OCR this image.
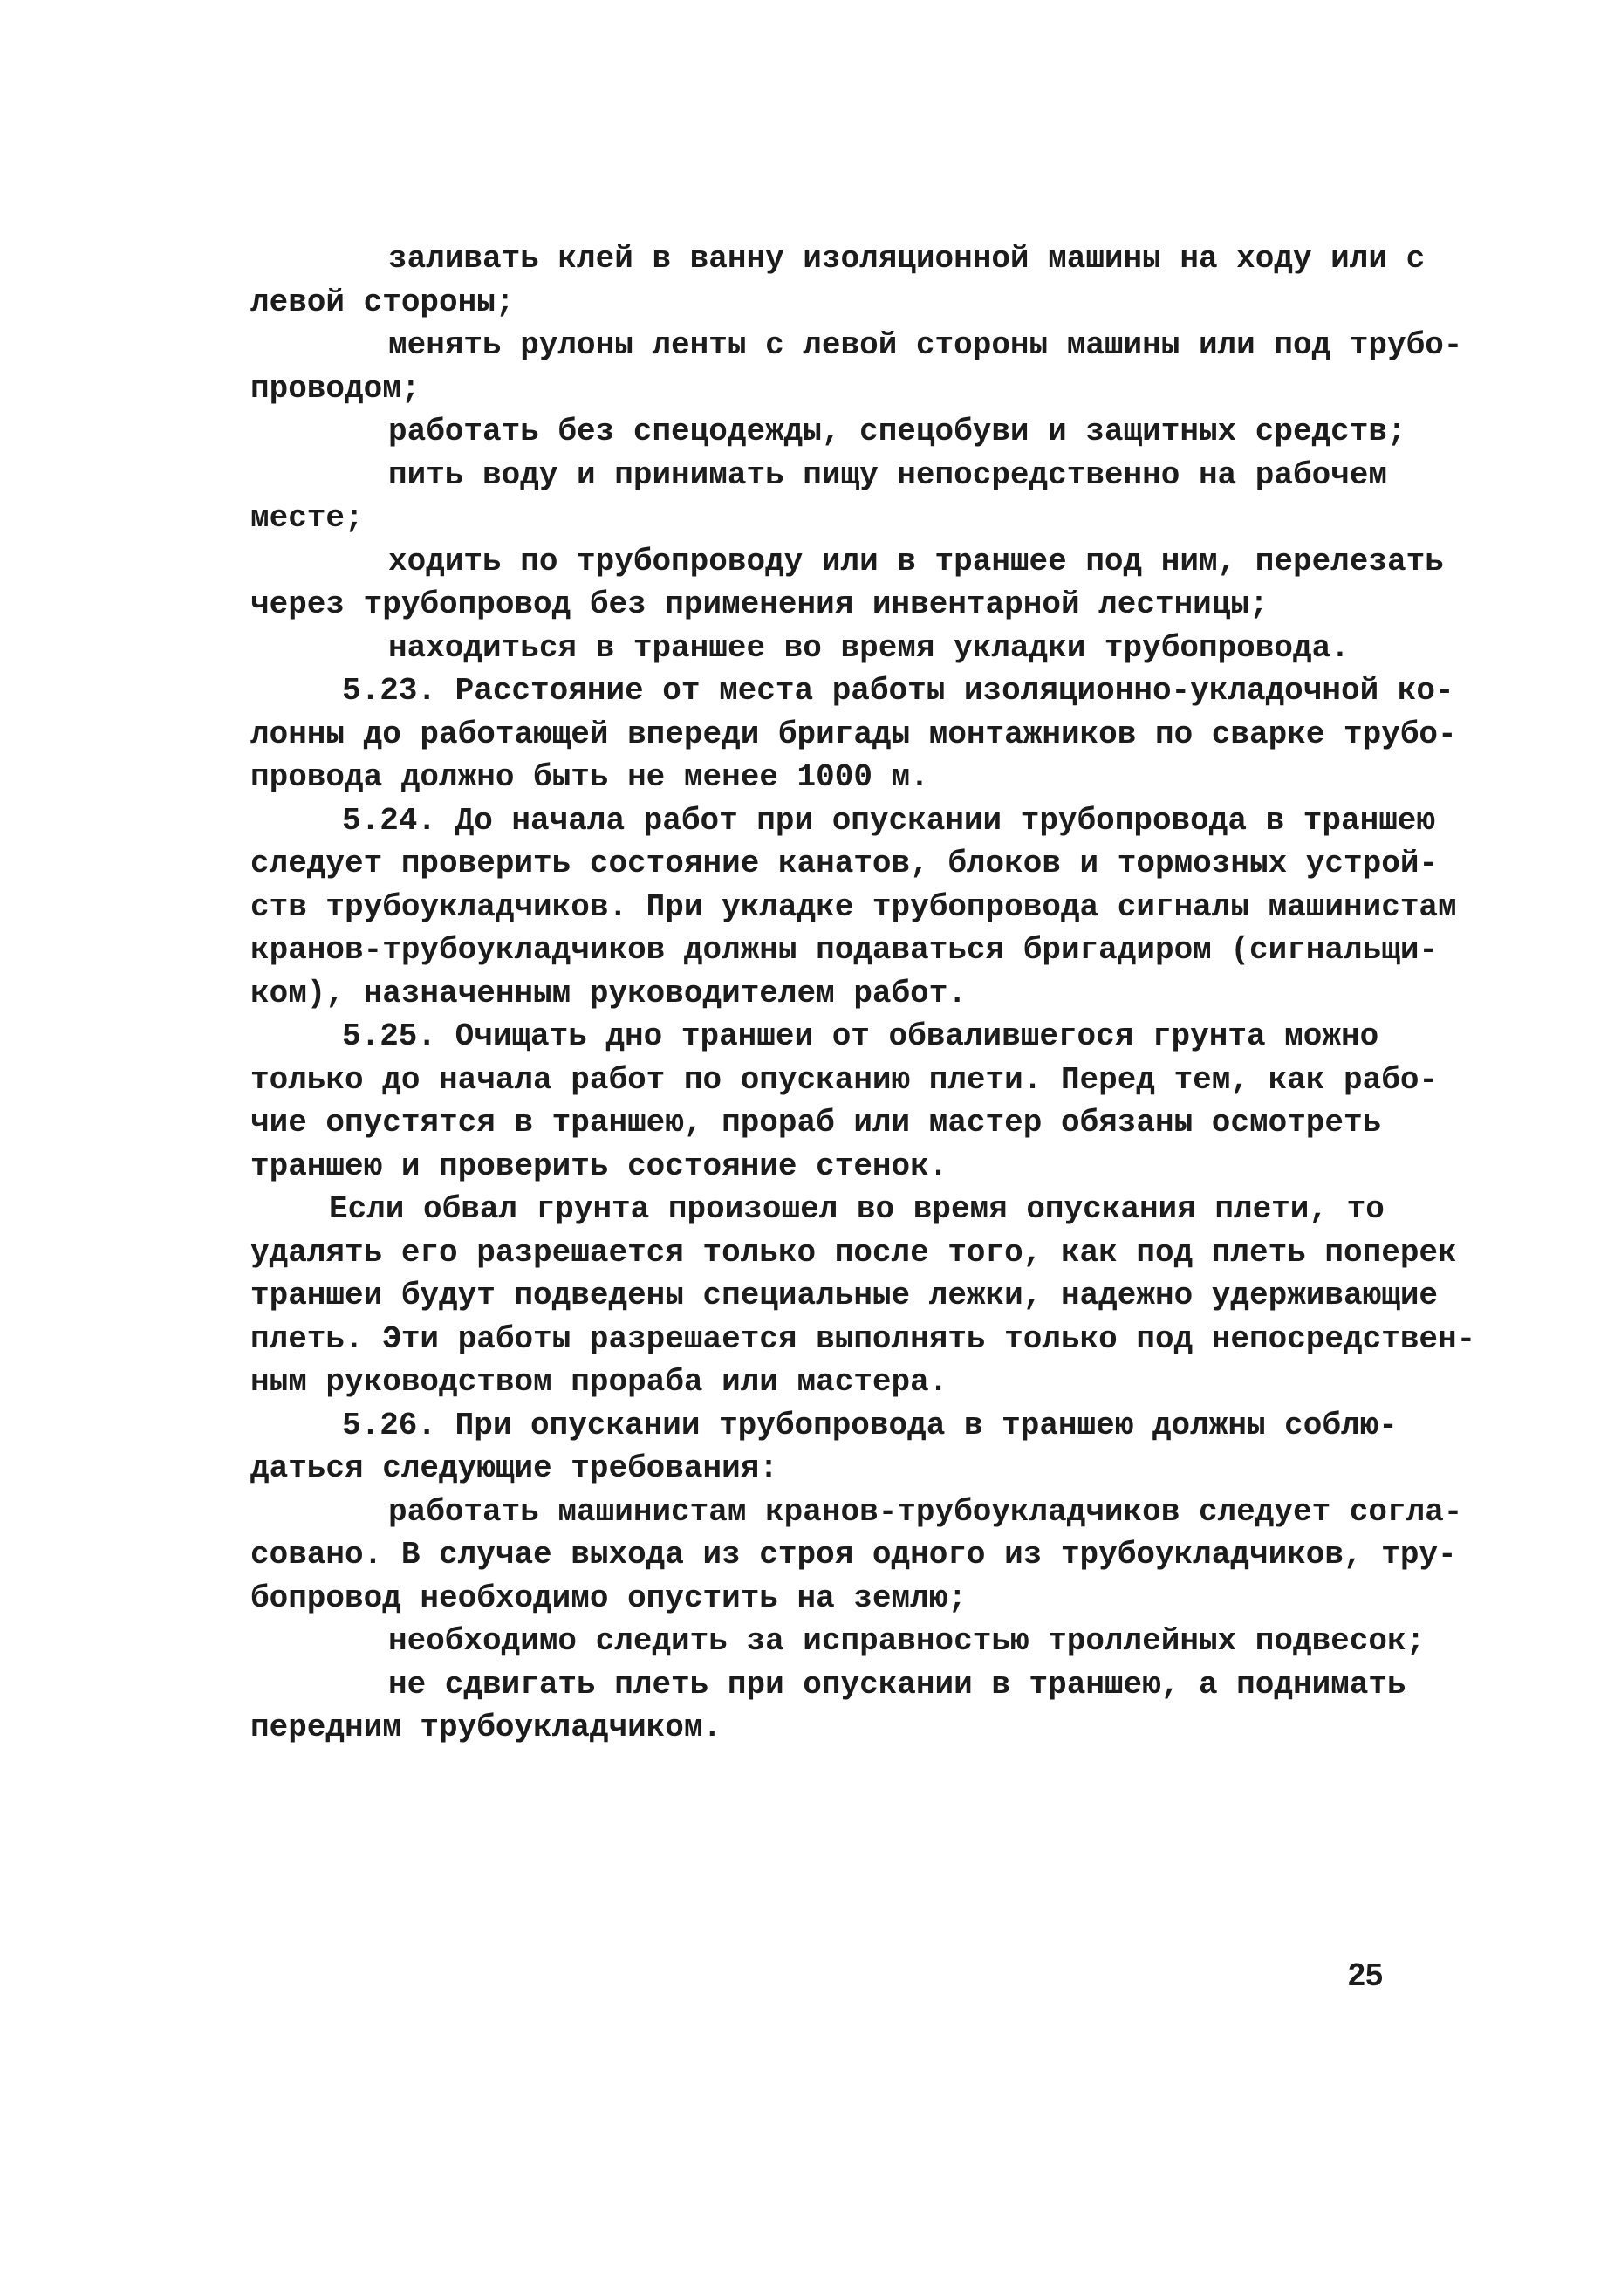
заливать клей в ванну изоляционной машины на ходу или с
левой стороны;
менять рулоны ленты с левой стороны машины или под трубо-
проводом;
работать без спецодежды, спецобуви и защитных средств;
пить воду и принимать пищу непосредственно на рабочем
месте;
ходить по трубопроводу или в траншее под ним, перелезать
через трубопровод без применения инвентарной лестницы;
находиться в траншее во время укладки трубопровода.
5.23. Расстояние от места работы изоляционно-укладочной ко-
лонны до работающей впереди бригады монтажников по сварке трубо-
провода должно быть не менее 1000 м.
5.24. До начала работ при опускании трубопровода в траншею
следует проверить состояние канатов, блоков и тормозных устрой-
ств трубоукладчиков. При укладке трубопровода сигналы машинистам
кранов-трубоукладчиков должны подаваться бригадиром (сигнальщи-
ком), назначенным руководителем работ.
5.25. Очищать дно траншеи от обвалившегося грунта можно
только до начала работ по опусканию плети. Перед тем, как рабо-
чие опустятся в траншею, прораб или мастер обязаны осмотреть
траншею и проверить состояние стенок.
Если обвал грунта произошел во время опускания плети, то
удалять его разрешается только после того, как под плеть поперек
траншеи будут подведены специальные лежки, надежно удерживающие
плеть. Эти работы разрешается выполнять только под непосредствен-
ным руководством прораба или мастера.
5.26. При опускании трубопровода в траншею должны соблю-
даться следующие требования:
работать машинистам кранов-трубоукладчиков следует согла-
совано. В случае выхода из строя одного из трубоукладчиков, тру-
бопровод необходимо опустить на землю;
необходимо следить за исправностью троллейных подвесок;
не сдвигать плеть при опускании в траншею, а поднимать
передним трубоукладчиком.
25
